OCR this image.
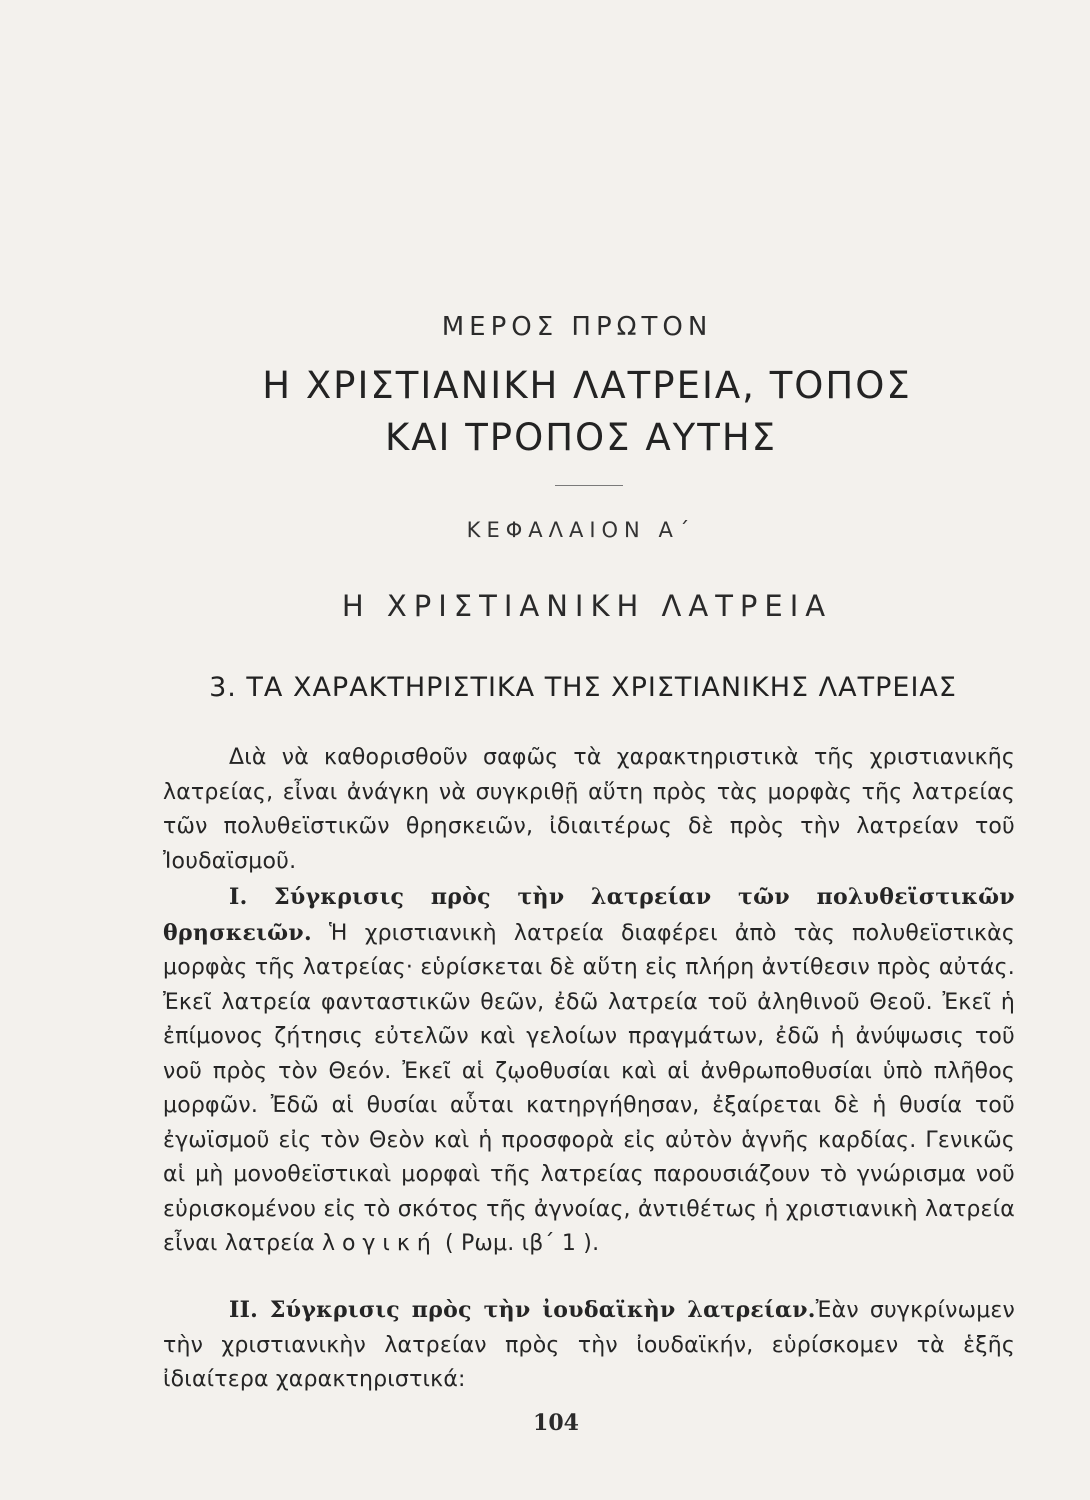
ΜΕΡΟΣ ΠΡΩΤΟΝ
Η ΧΡΙΣΤΙΑΝΙΚΗ ΛΑΤΡΕΙΑ, ΤΟΠΟΣ
ΚΑΙ ΤΡΟΠΟΣ ΑΥΤΗΣ
ΚΕΦΑΛΑΙΟΝ Α΄
Η ΧΡΙΣΤΙΑΝΙΚΗ ΛΑΤΡΕΙΑ
3. ΤΑ ΧΑΡΑΚΤΗΡΙΣΤΙΚΑ ΤΗΣ ΧΡΙΣΤΙΑΝΙΚΗΣ ΛΑΤΡΕΙΑΣ

Διὰ νὰ καθορισθοῦν σαφῶς τὰ χαρακτηριστικὰ τῆς χριστιανικῆς λατρείας, εἶναι ἀνάγκη νὰ συγκριθῇ αὕτη πρὸς τὰς μορφὰς τῆς λατρείας τῶν πολυθεϊστικῶν θρησκειῶν, ἰδιαιτέρως δὲ πρὸς τὴν λατρείαν τοῦ Ἰουδαϊσμοῦ.

I. Σύγκρισις πρὸς τὴν λατρείαν τῶν πολυθεϊστικῶν θρησκειῶν. Ἡ χριστιανικὴ λατρεία διαφέρει ἀπὸ τὰς πολυθεϊστικὰς μορφὰς τῆς λατρείας· εὑρίσκεται δὲ αὕτη εἰς πλήρη ἀντίθεσιν πρὸς αὐτάς. Ἐκεῖ λατρεία φανταστικῶν θεῶν, ἐδῶ λατρεία τοῦ ἀληθινοῦ Θεοῦ. Ἐκεῖ ἡ ἐπίμονος ζήτησις εὐτελῶν καὶ γελοίων πραγμάτων, ἐδῶ ἡ ἀνύψωσις τοῦ νοῦ πρὸς τὸν Θεόν. Ἐκεῖ αἱ ζῳοθυσίαι καὶ αἱ ἀνθρωποθυσίαι ὑπὸ πλῆθος μορφῶν. Ἐδῶ αἱ θυσίαι αὗται κατηργήθησαν, ἐξαίρεται δὲ ἡ θυσία τοῦ ἐγωϊσμοῦ εἰς τὸν Θεὸν καὶ ἡ προσφορὰ εἰς αὐτὸν ἁγνῆς καρδίας. Γενικῶς αἱ μὴ μονοθεϊστικαὶ μορφαὶ τῆς λατρείας παρουσιάζουν τὸ γνώρισμα νοῦ εὑρισκομένου εἰς τὸ σκότος τῆς ἀγνοίας, ἀντιθέτως ἡ χριστιανικὴ λατρεία εἶναι λατρεία λογική ( Ρωμ. ιβ΄ 1 ).

II. Σύγκρισις πρὸς τὴν ἰουδαϊκὴν λατρείαν.Ἐὰν συγκρίνωμεν τὴν χριστιανικὴν λατρείαν πρὸς τὴν ἰουδαϊκήν, εὑρίσκομεν τὰ ἑξῆς ἰδιαίτερα χαρακτηριστικά:

104
